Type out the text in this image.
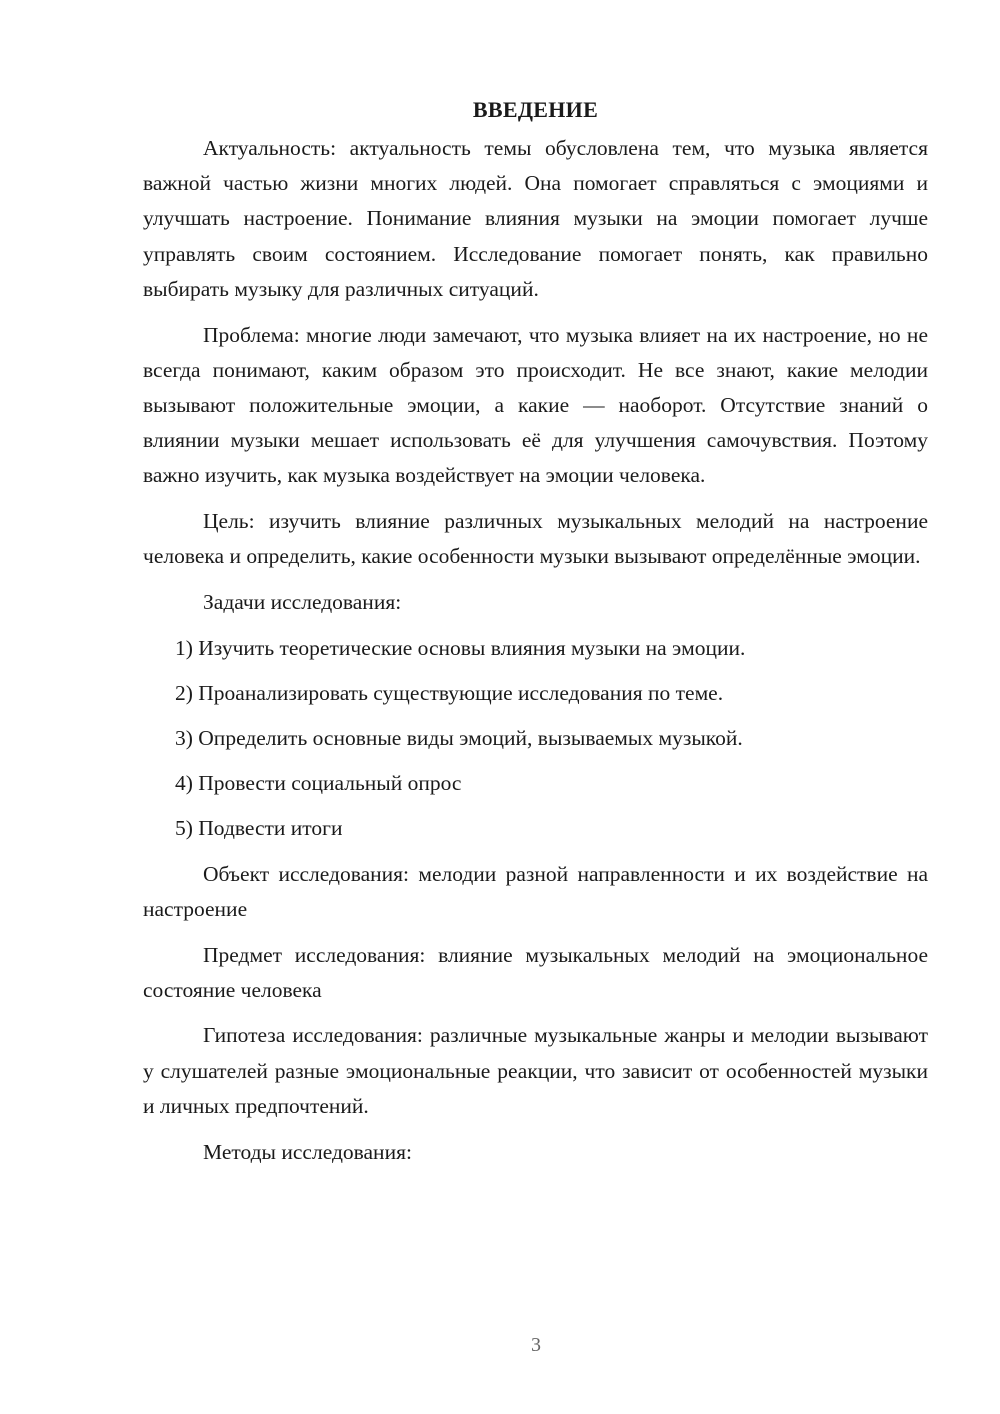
ВВЕДЕНИЕ

Актуальность: актуальность темы обусловлена тем, что музыка является важной частью жизни многих людей. Она помогает справляться с эмоциями и улучшать настроение. Понимание влияния музыки на эмоции помогает лучше управлять своим состоянием. Исследование помогает понять, как правильно выбирать музыку для различных ситуаций.

Проблема: многие люди замечают, что музыка влияет на их настроение, но не всегда понимают, каким образом это происходит. Не все знают, какие мелодии вызывают положительные эмоции, а какие — наоборот. Отсутствие знаний о влиянии музыки мешает использовать её для улучшения самочувствия. Поэтому важно изучить, как музыка воздействует на эмоции человека.

Цель: изучить влияние различных музыкальных мелодий на настроение человека и определить, какие особенности музыки вызывают определённые эмоции.

Задачи исследования:

1) Изучить теоретические основы влияния музыки на эмоции.
2) Проанализировать существующие исследования по теме.
3) Определить основные виды эмоций, вызываемых музыкой.
4) Провести социальный опрос
5) Подвести итоги

Объект исследования: мелодии разной направленности и их воздействие на настроение

Предмет исследования: влияние музыкальных мелодий на эмоциональное состояние человека

Гипотеза исследования: различные музыкальные жанры и мелодии вызывают у слушателей разные эмоциональные реакции, что зависит от особенностей музыки и личных предпочтений.

Методы исследования:

3
